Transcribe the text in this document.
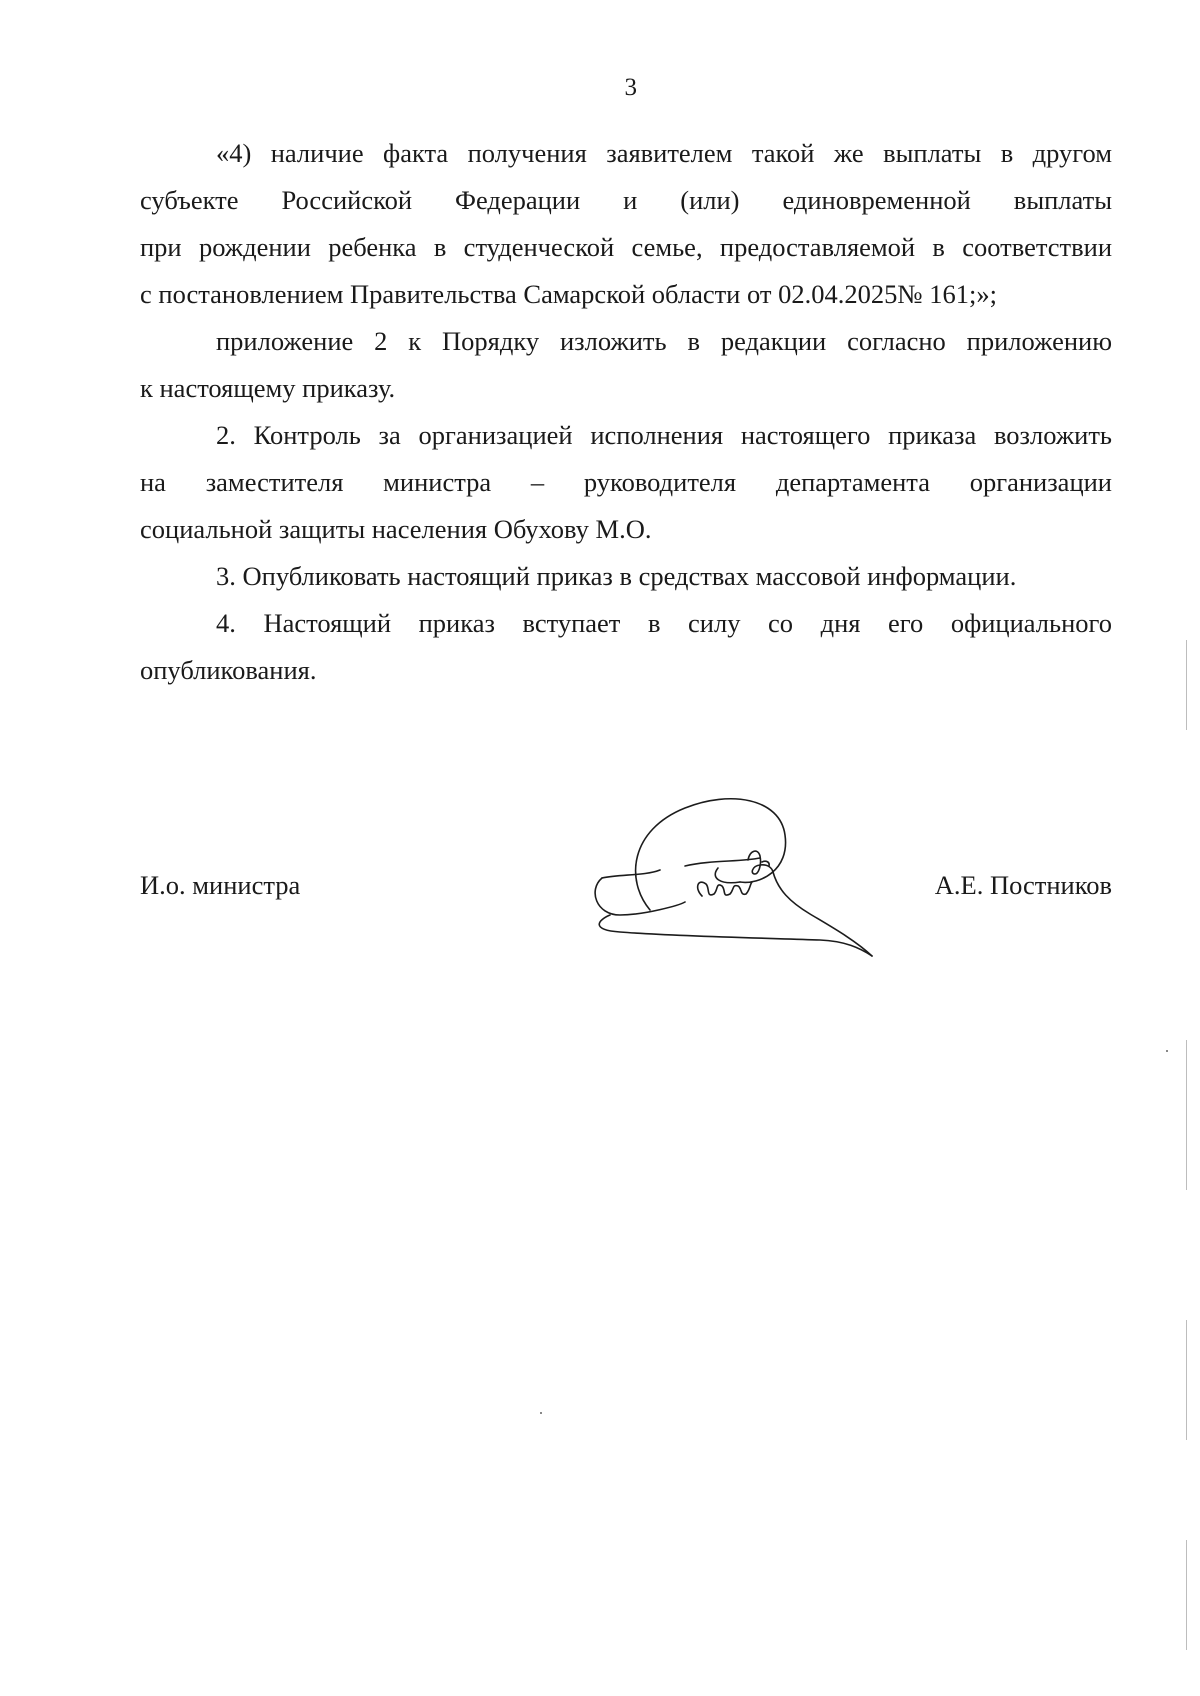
3
«4) наличие факта получения заявителем такой же выплаты в другом
субъекте Российской Федерации и (или) единовременной выплаты
при рождении ребенка в студенческой семье, предоставляемой в соответствии
с постановлением Правительства Самарской области от 02.04.2025№ 161;»;
приложение 2 к Порядку изложить в редакции согласно приложению
к настоящему приказу.
2. Контроль за организацией исполнения настоящего приказа возложить
на заместителя министра – руководителя департамента организации
социальной защиты населения Обухову М.О.
3. Опубликовать настоящий приказ в средствах массовой информации.
4. Настоящий приказ вступает в силу со дня его официального
опубликования.
И.о. министра	А.Е. Постников
